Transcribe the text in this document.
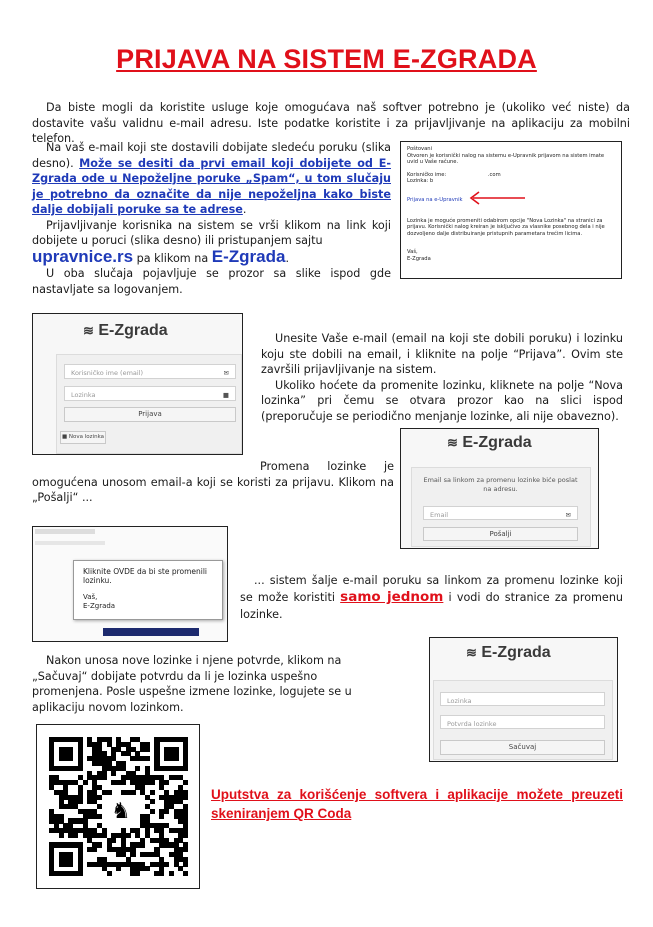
PRIJAVA NA SISTEM E-ZGRADA
Da biste mogli da koristite usluge koje omogućava naš softver potrebno je (ukoliko već niste) da dostavite vašu validnu e-mail adresu. Iste podatke koristite i za prijavljivanje na aplikaciju za mobilni telefon.
Na vaš e-mail koji ste dostavili dobijate sledeću poruku (slika desno). Može se desiti da prvi email koji dobijete od E-Zgrada ode u Nepoželjne poruke „Spam“, u tom slučaju je potrebno da označite da nije nepoželjna kako biste dalje dobijali poruke sa te adrese.
Prijavljivanje korisnika na sistem se vrši klikom na link koji dobijete u poruci (slika desno) ili pristupanjem sajtu
upravnice.rs pa klikom na E-Zgrada.
U oba slučaja pojavljuje se prozor sa slike ispod gde nastavljate sa logovanjem.
Poštovani
Otvoren je korisnički nalog na sistemu e-Upravnik prijavom na sistem imate uvid u Vaše račune.
Korisničko ime:	.com
Lozinka: b
Prijava na e-Upravnik
Lozinka je moguće promeniti odabirom opcije "Nova Lozinka" na stranici za prijavu. Korisnički nalog kreiran je isključivo za vlasnike posebnog dela i nije dozvoljeno dalje distribuiranje pristupnih parametara trećim licima.
Vaš,
E-Zgrada
≋ E-Zgrada
Korisničko ime (email)	✉
Lozinka	■
Prijava
■ Nova lozinka
Unesite Vaše e-mail (email na koji ste dobili poruku) i lozinku koju ste dobili na email, i kliknite na polje “Prijava”. Ovim ste završili prijavljivanje na sistem.
Ukoliko hoćete da promenite lozinku, kliknete na polje “Nova lozinka” pri čemu se otvara prozor kao na slici ispod (preporučuje se periodično menjanje lozinke, ali nije obavezno).
≋ E-Zgrada
Email sa linkom za promenu lozinke biće poslat na adresu.
Email	✉
Pošalji
Promena lozinke je omogućena unosom email-a koji se koristi za prijavu. Klikom na „Pošalji“ ...
Kliknite OVDE da bi ste promenili lozinku.
Vaš,
E-Zgrada
... sistem šalje e-mail poruku sa linkom za promenu lozinke koji se može koristiti samo jednom i vodi do stranice za promenu lozinke.
Nakon unosa nove lozinke i njene potvrde, klikom na „Sačuvaj“ dobijate potvrdu da li je lozinka uspešno promenjena. Posle uspešne izmene lozinke, logujete se u aplikaciju novom lozinkom.
≋ E-Zgrada
Lozinka
Potvrda lozinke
Sačuvaj
♞
Uputstva za korišćenje softvera i aplikacije možete preuzeti skeniranjem QR Coda
